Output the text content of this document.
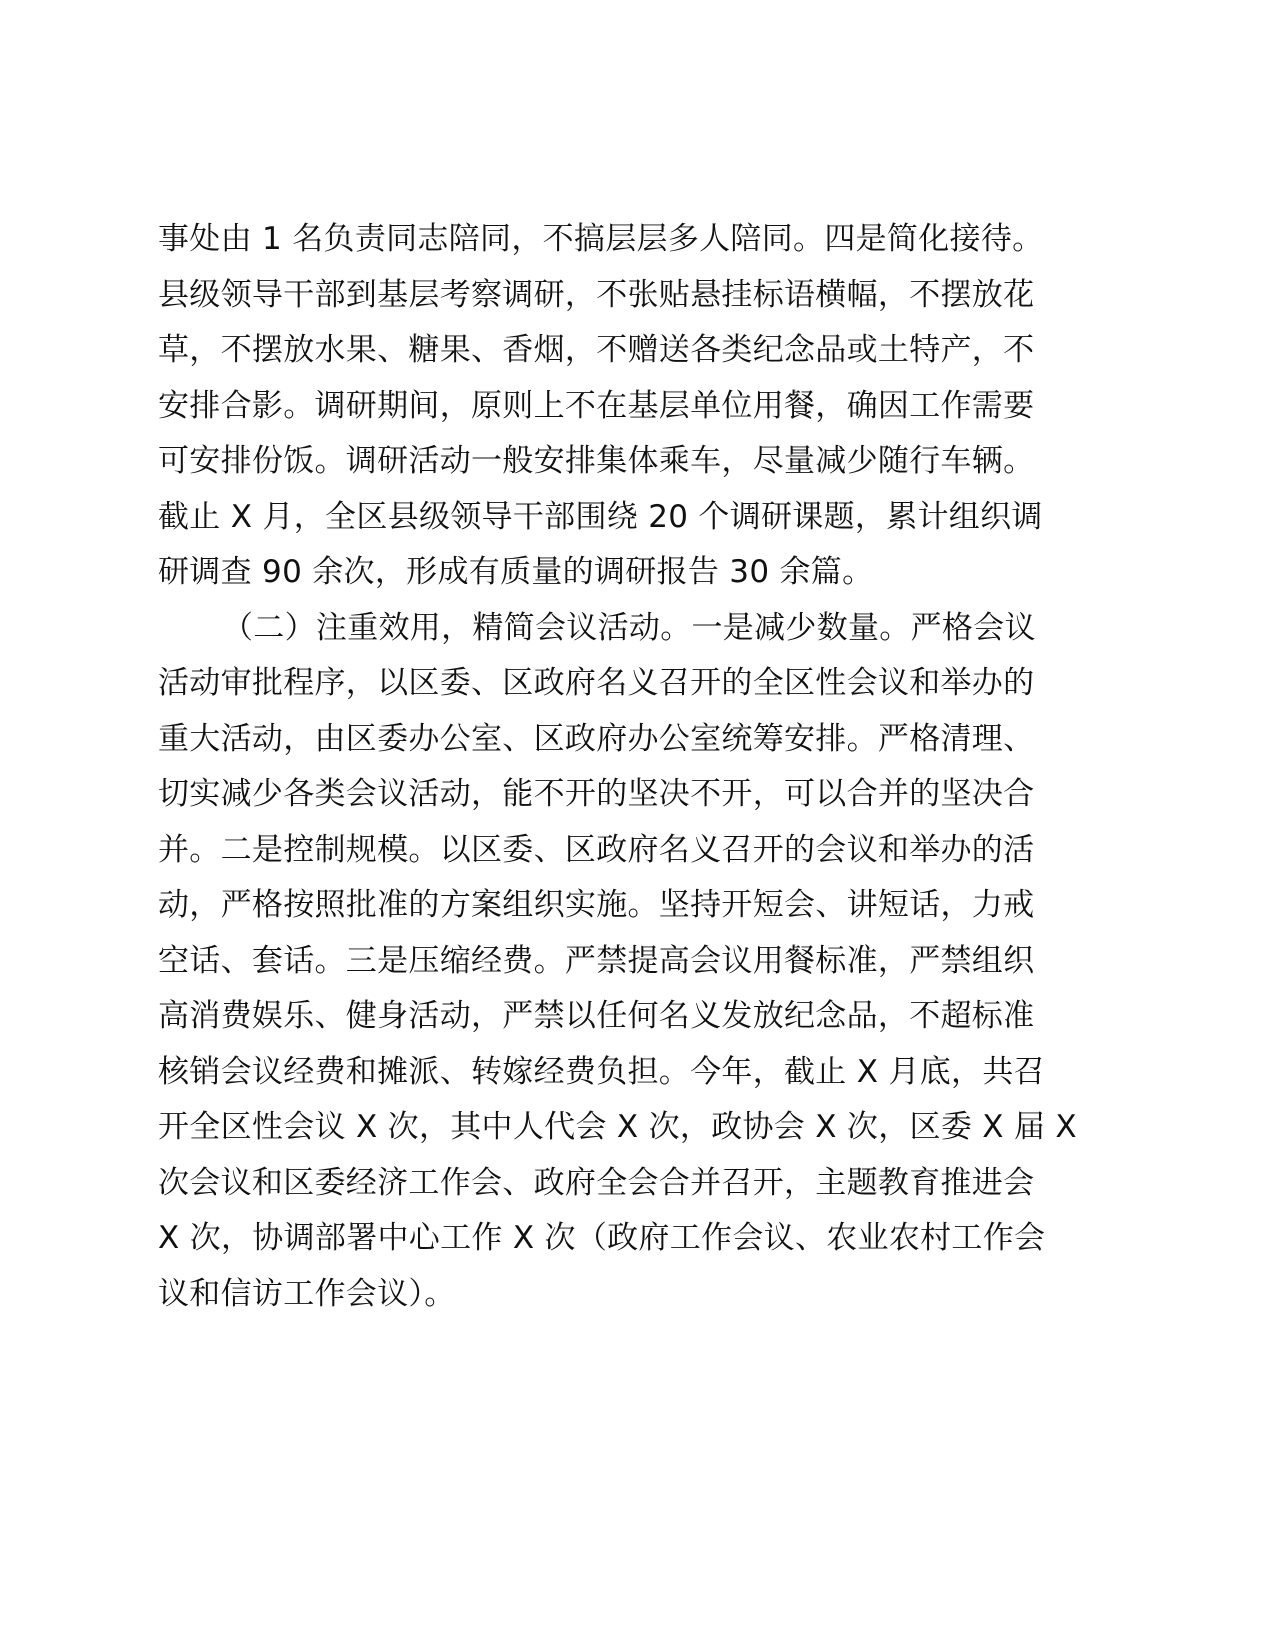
事处由 1 名负责同志陪同，不搞层层多人陪同。四是简化接待。
县级领导干部到基层考察调研，不张贴悬挂标语横幅，不摆放花
草，不摆放水果、糖果、香烟，不赠送各类纪念品或土特产，不
安排合影。调研期间，原则上不在基层单位用餐，确因工作需要
可安排份饭。调研活动一般安排集体乘车，尽量减少随行车辆。
截止 X 月，全区县级领导干部围绕 20 个调研课题，累计组织调
研调查 90 余次，形成有质量的调研报告 30 余篇。
（二）注重效用，精简会议活动。一是减少数量。严格会议
活动审批程序，以区委、区政府名义召开的全区性会议和举办的
重大活动，由区委办公室、区政府办公室统筹安排。严格清理、
切实减少各类会议活动，能不开的坚决不开，可以合并的坚决合
并。二是控制规模。以区委、区政府名义召开的会议和举办的活
动，严格按照批准的方案组织实施。坚持开短会、讲短话，力戒
空话、套话。三是压缩经费。严禁提高会议用餐标准，严禁组织
高消费娱乐、健身活动，严禁以任何名义发放纪念品，不超标准
核销会议经费和摊派、转嫁经费负担。今年，截止 X 月底，共召
开全区性会议 X 次，其中人代会 X 次，政协会 X 次，区委 X 届 X
次会议和区委经济工作会、政府全会合并召开，主题教育推进会
X 次，协调部署中心工作 X 次（政府工作会议、农业农村工作会
议和信访工作会议）。
